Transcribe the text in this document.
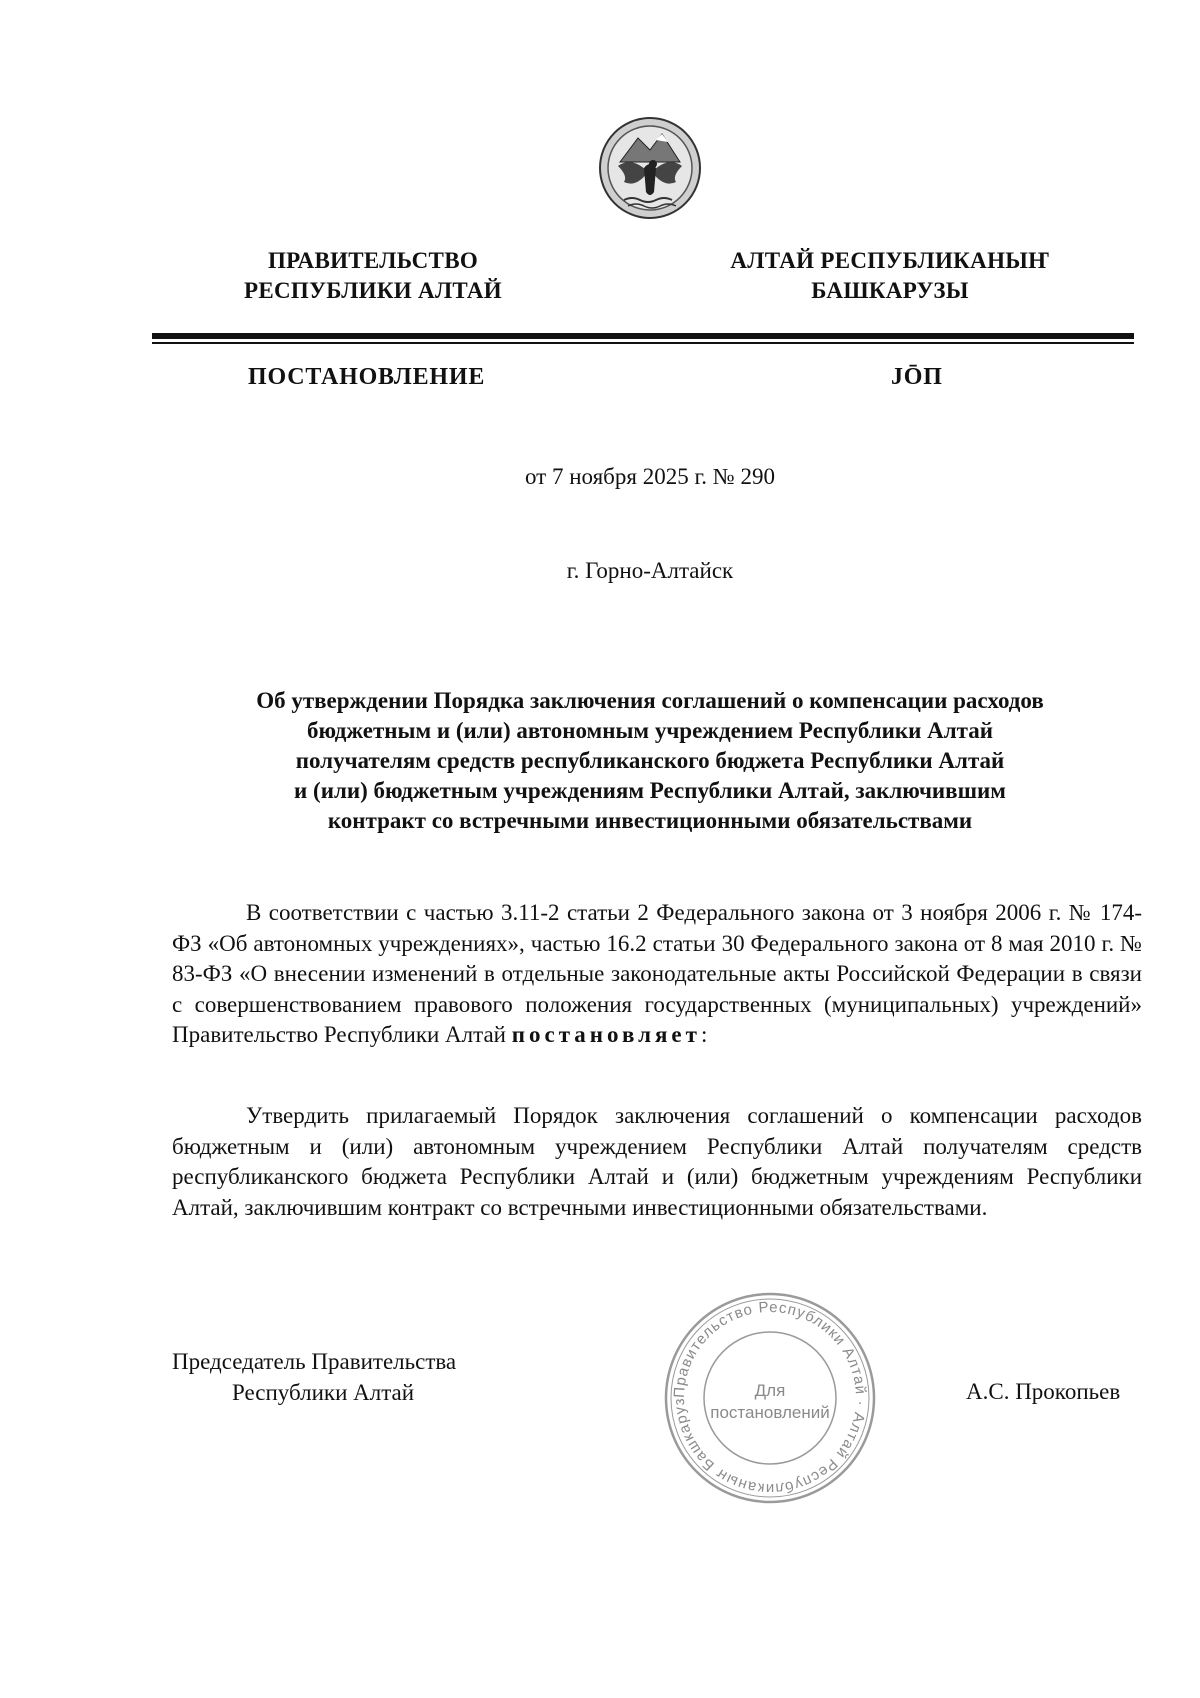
ПРАВИТЕЛЬСТВО
РЕСПУБЛИКИ АЛТАЙ
АЛТАЙ РЕСПУБЛИКАНЫҤ
БАШКАРУЗЫ
ПОСТАНОВЛЕНИЕ	JŌП
от 7 ноября 2025 г. № 290
г. Горно-Алтайск
Об утверждении Порядка заключения соглашений о компенсации расходов
бюджетным и (или) автономным учреждением Республики Алтай
получателям средств республиканского бюджета Республики Алтай
и (или) бюджетным учреждениям Республики Алтай, заключившим
контракт со встречными инвестиционными обязательствами
В соответствии с частью 3.11-2 статьи 2 Федерального закона от 3 ноября 2006 г. № 174-ФЗ «Об автономных учреждениях», частью 16.2 статьи 30 Федерального закона от 8 мая 2010 г. № 83-ФЗ «О внесении изменений в отдельные законодательные акты Российской Федерации в связи с совершенствованием правового положения государственных (муниципальных) учреждений» Правительство Республики Алтай постановляет:
Утвердить прилагаемый Порядок заключения соглашений о компенсации расходов бюджетным и (или) автономным учреждением Республики Алтай получателям средств республиканского бюджета Республики Алтай и (или) бюджетным учреждениям Республики Алтай, заключившим контракт со встречными инвестиционными обязательствами.
Председатель Правительства
Республики Алтай	Правительство Республики Алтай · Алтай Республиканыҥ Башкаруз
Для
постановлений
А.С. Прокопьев
